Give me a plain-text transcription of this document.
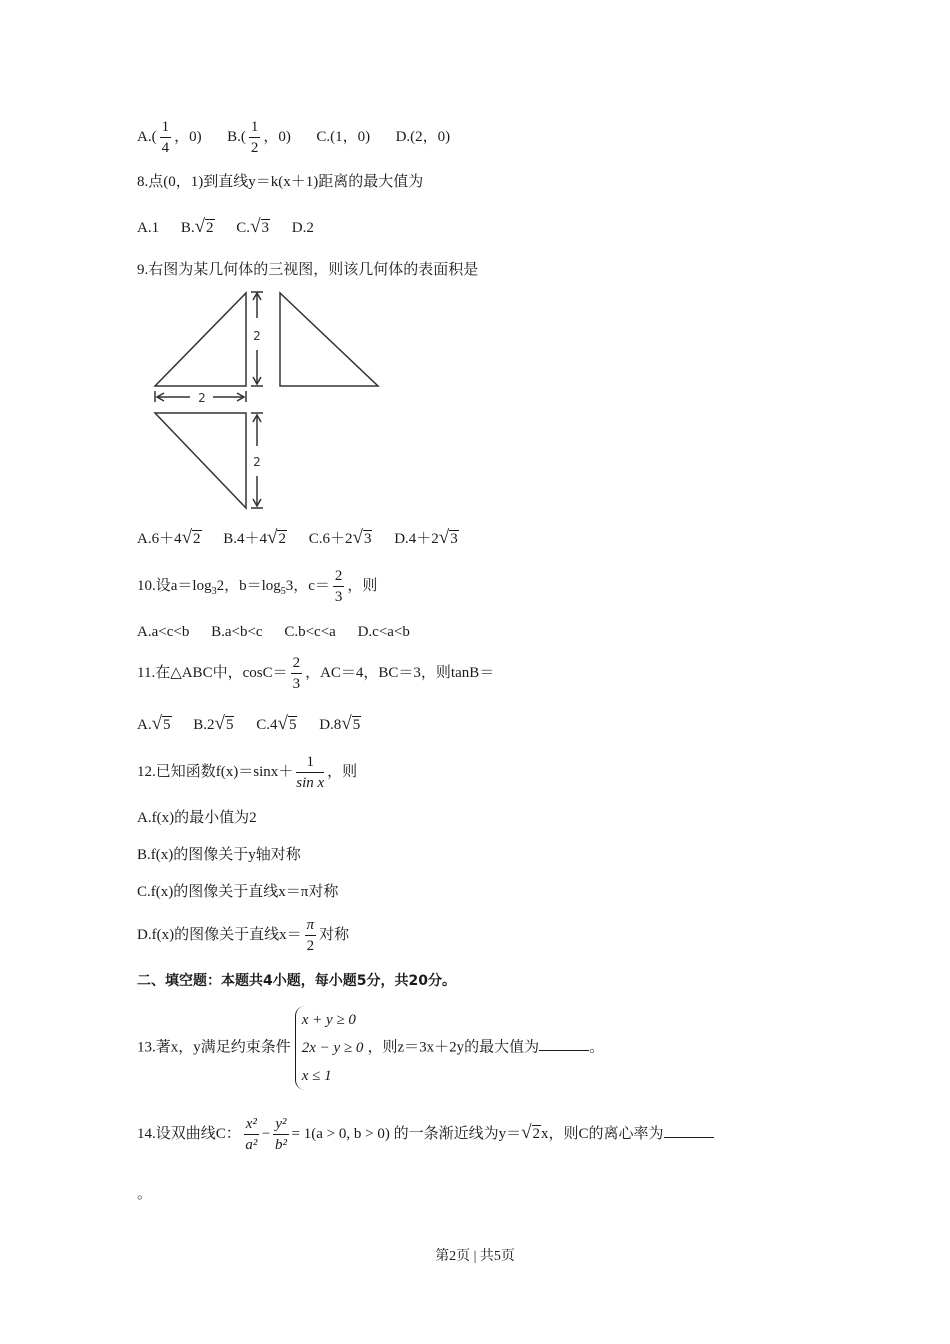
$A.( \frac{1}{4}$ ，0) $B.( \frac{1}{2}$ ，0) C.(1，0) D.(2，0)
8.点(0，1)到直线y＝k(x＋1)距离的最大值为
A.1 B.√2 C.√3 D.2
9.右图为某几何体的三视图，则该几何体的表面积是
2
2
2
A.6＋4√2 B.4＋4√2 C.6＋2√3 D.4＋2√3
10.设$a=\log_32$，$b=\log_53$，$c= \frac{2}{3}$ ，则
A.a<c<b B.a<b<c C.b<c<a D.c<a<b
11.在△ABC中，$\cos C= \frac{2}{3}$ ，AC＝4，BC＝3，则tanB＝
A.√5 B.2√5 C.4√5 D.8√5
12.已知函数$f(x)=\sin x+ \frac{1}{\text{sin x}}$ ，则
A.f(x)的最小值为2
B.f(x)的图像关于y轴对称
C.f(x)的图像关于直线x＝π对称
D.f(x)的图像关于直线$x= \frac{\pi}{2}$ 对称
二、填空题：本题共4小题，每小题5分，共20分。
13.著x，y满足约束条件
x + y ≥ 0
2x − y ≥ 0
x ≤ 1
，则z＝3x＋2y的最大值为	。
14.设双曲线C： $\frac{\text{x²}}{\text{a²}} - \frac{\text{y²}}{\text{b²}} = 1(a > 0$, b > 0) 的一条渐近线为y＝√2x，则C的离心率为
。
第2页 | 共5页
